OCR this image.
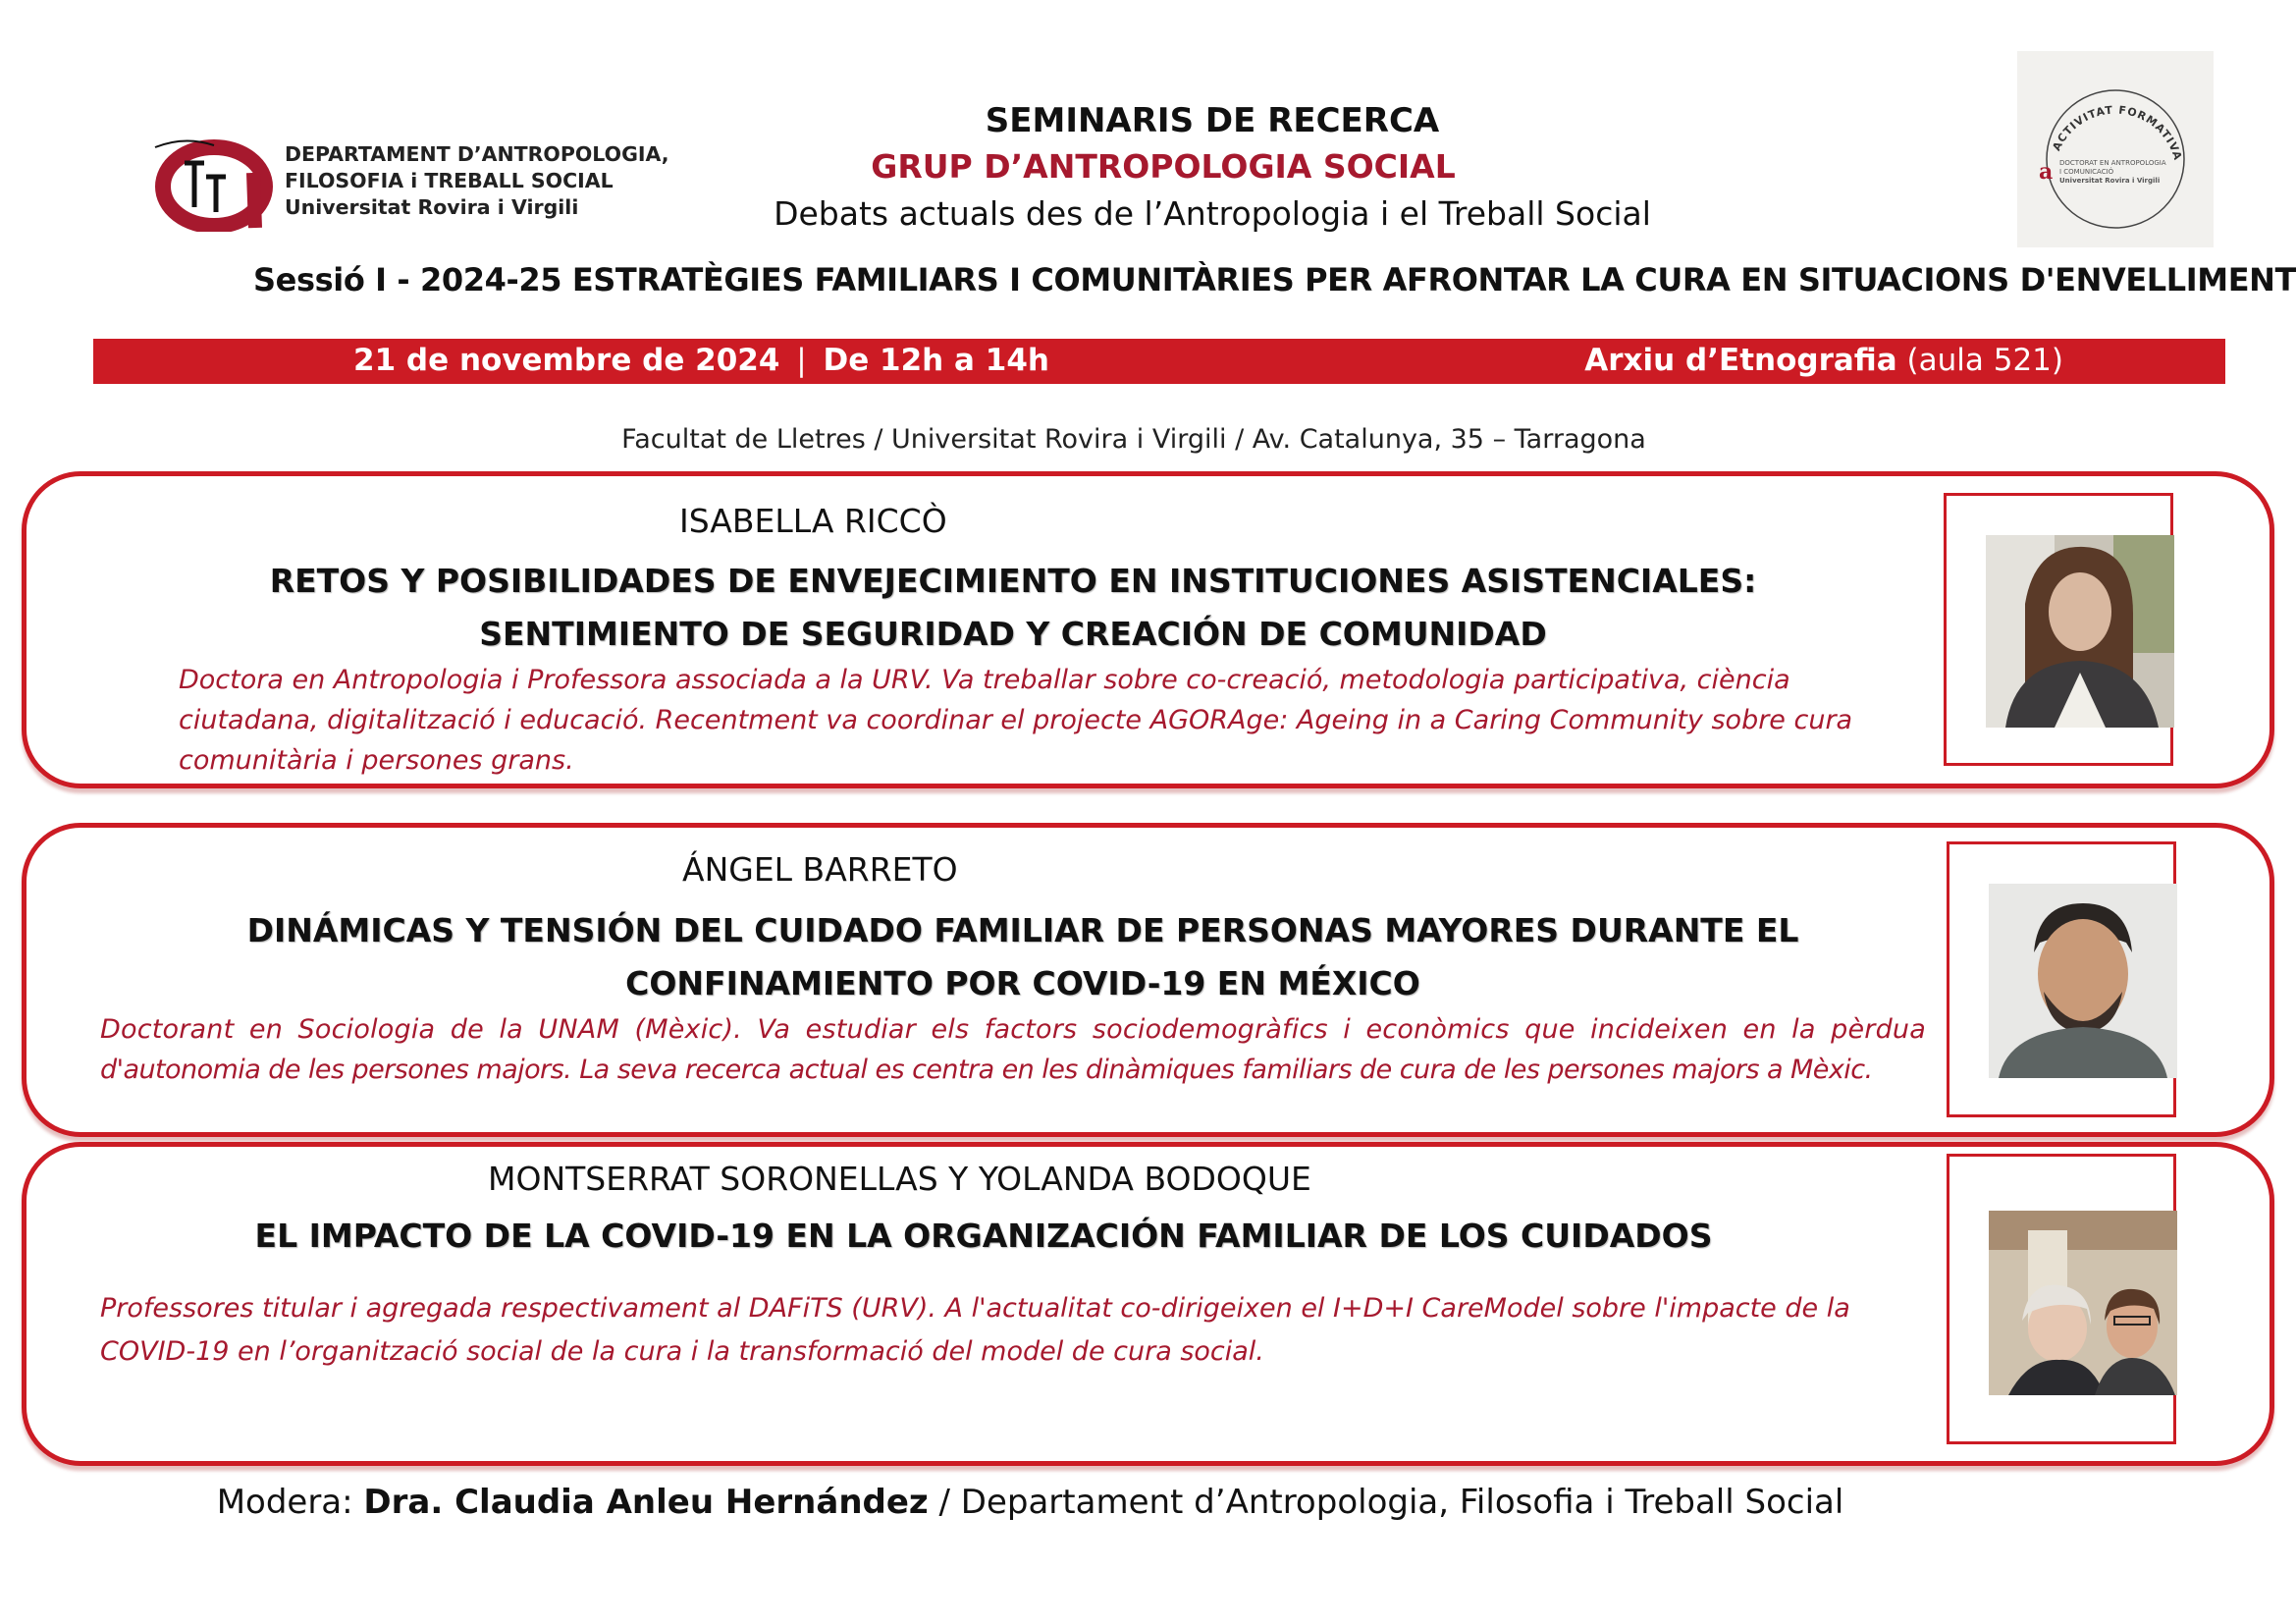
DEPARTAMENT D’ANTROPOLOGIA,
FILOSOFIA i TREBALL SOCIAL
Universitat Rovira i Virgili
SEMINARIS DE RECERCA
GRUP D’ANTROPOLOGIA SOCIAL
Debats actuals des de l’Antropologia i el Treball Social
Sessió I - 2024-25 ESTRATÈGIES FAMILIARS I COMUNITÀRIES PER AFRONTAR LA CURA EN SITUACIONS D'ENVELLIMENT
ACTIVITAT FORMATIVA
a DOCTORAT EN ANTROPOLOGIA
I COMUNICACIÓ
Universitat Rovira i Virgili
21 de novembre de 2024 | De 12h a 14h	Arxiu d’Etnografia (aula 521)
Facultat de Lletres / Universitat Rovira i Virgili / Av. Catalunya, 35 – Tarragona
ISABELLA RICCÒ
RETOS Y POSIBILIDADES DE ENVEJECIMIENTO EN INSTITUCIONES ASISTENCIALES:
SENTIMIENTO DE SEGURIDAD Y CREACIÓN DE COMUNIDAD
Doctora en Antropologia i Professora associada a la URV. Va treballar sobre co-creació, metodologia participativa, ciència
ciutadana, digitalització i educació. Recentment va coordinar el projecte AGORAge: Ageing in a Caring Community sobre cura
comunitària i persones grans.
ÁNGEL BARRETO
DINÁMICAS Y TENSIÓN DEL CUIDADO FAMILIAR DE PERSONAS MAYORES DURANTE EL
CONFINAMIENTO POR COVID-19 EN MÉXICO
Doctorant en Sociologia de la UNAM (Mèxic). Va estudiar els factors sociodemogràfics i econòmics que incideixen en la pèrdua
d'autonomia de les persones majors. La seva recerca actual es centra en les dinàmiques familiars de cura de les persones majors a Mèxic.
MONTSERRAT SORONELLAS Y YOLANDA BODOQUE
EL IMPACTO DE LA COVID-19 EN LA ORGANIZACIÓN FAMILIAR DE LOS CUIDADOS
Professores titular i agregada respectivament al DAFiTS (URV). A l'actualitat co-dirigeixen el I+D+I CareModel sobre l'impacte de la
COVID-19 en l’organització social de la cura i la transformació del model de cura social.
Modera: Dra. Claudia Anleu Hernández / Departament d’Antropologia, Filosofia i Treball Social
